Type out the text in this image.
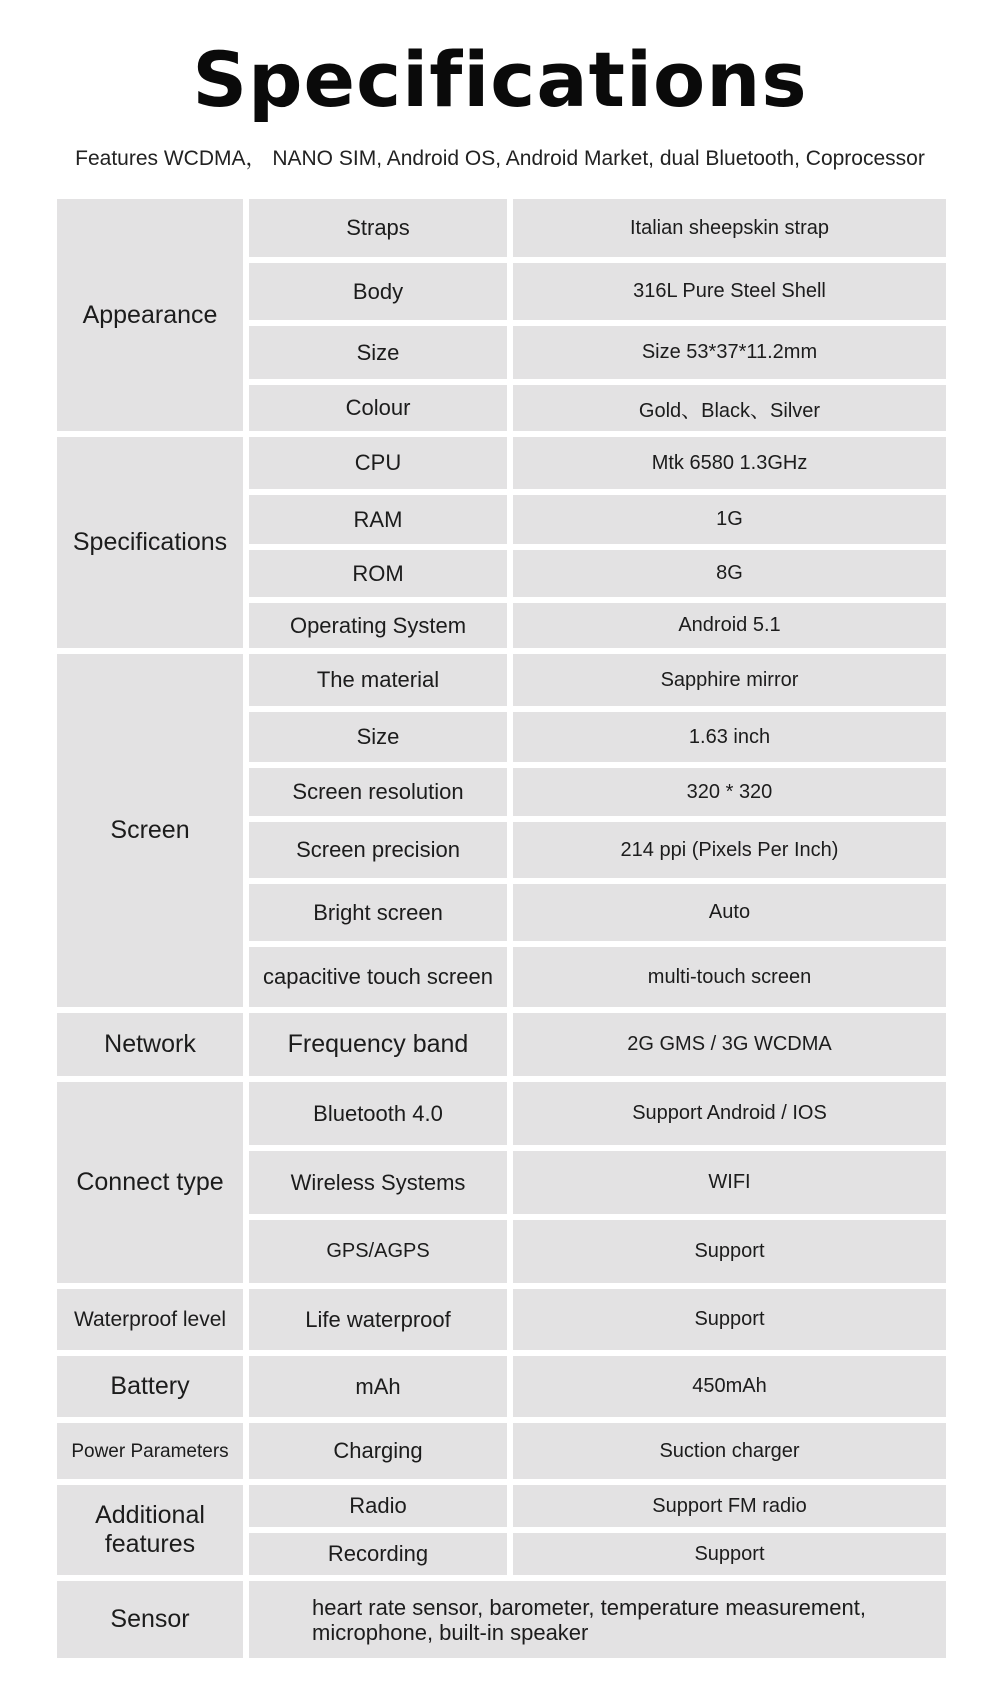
Specifications
Features WCDMA， NANO SIM, Android OS, Android Market, dual Bluetooth, Coprocessor
Appearance
Straps	Italian sheepskin strap
Body	316L Pure Steel Shell
Size	Size 53*37*11.2mm
Colour	Gold、Black、Silver
Specifications
CPU	Mtk 6580 1.3GHz
RAM	1G
ROM	8G
Operating System	Android 5.1
Screen
The material	Sapphire mirror
Size	1.63 inch
Screen resolution	320 * 320
Screen precision	214 ppi (Pixels Per Inch)
Bright screen	Auto
capacitive touch screen	multi-touch screen
Network	Frequency band	2G GMS / 3G WCDMA
Connect type
Bluetooth 4.0	Support Android / IOS
Wireless Systems	WIFI
GPS/AGPS	Support
Waterproof level	Life waterproof	Support
Battery	mAh	450mAh
Power Parameters	Charging	Suction charger
Additional features
Radio	Support FM radio
Recording	Support
Sensor	heart rate sensor, barometer, temperature measurement, microphone, built-in speaker
